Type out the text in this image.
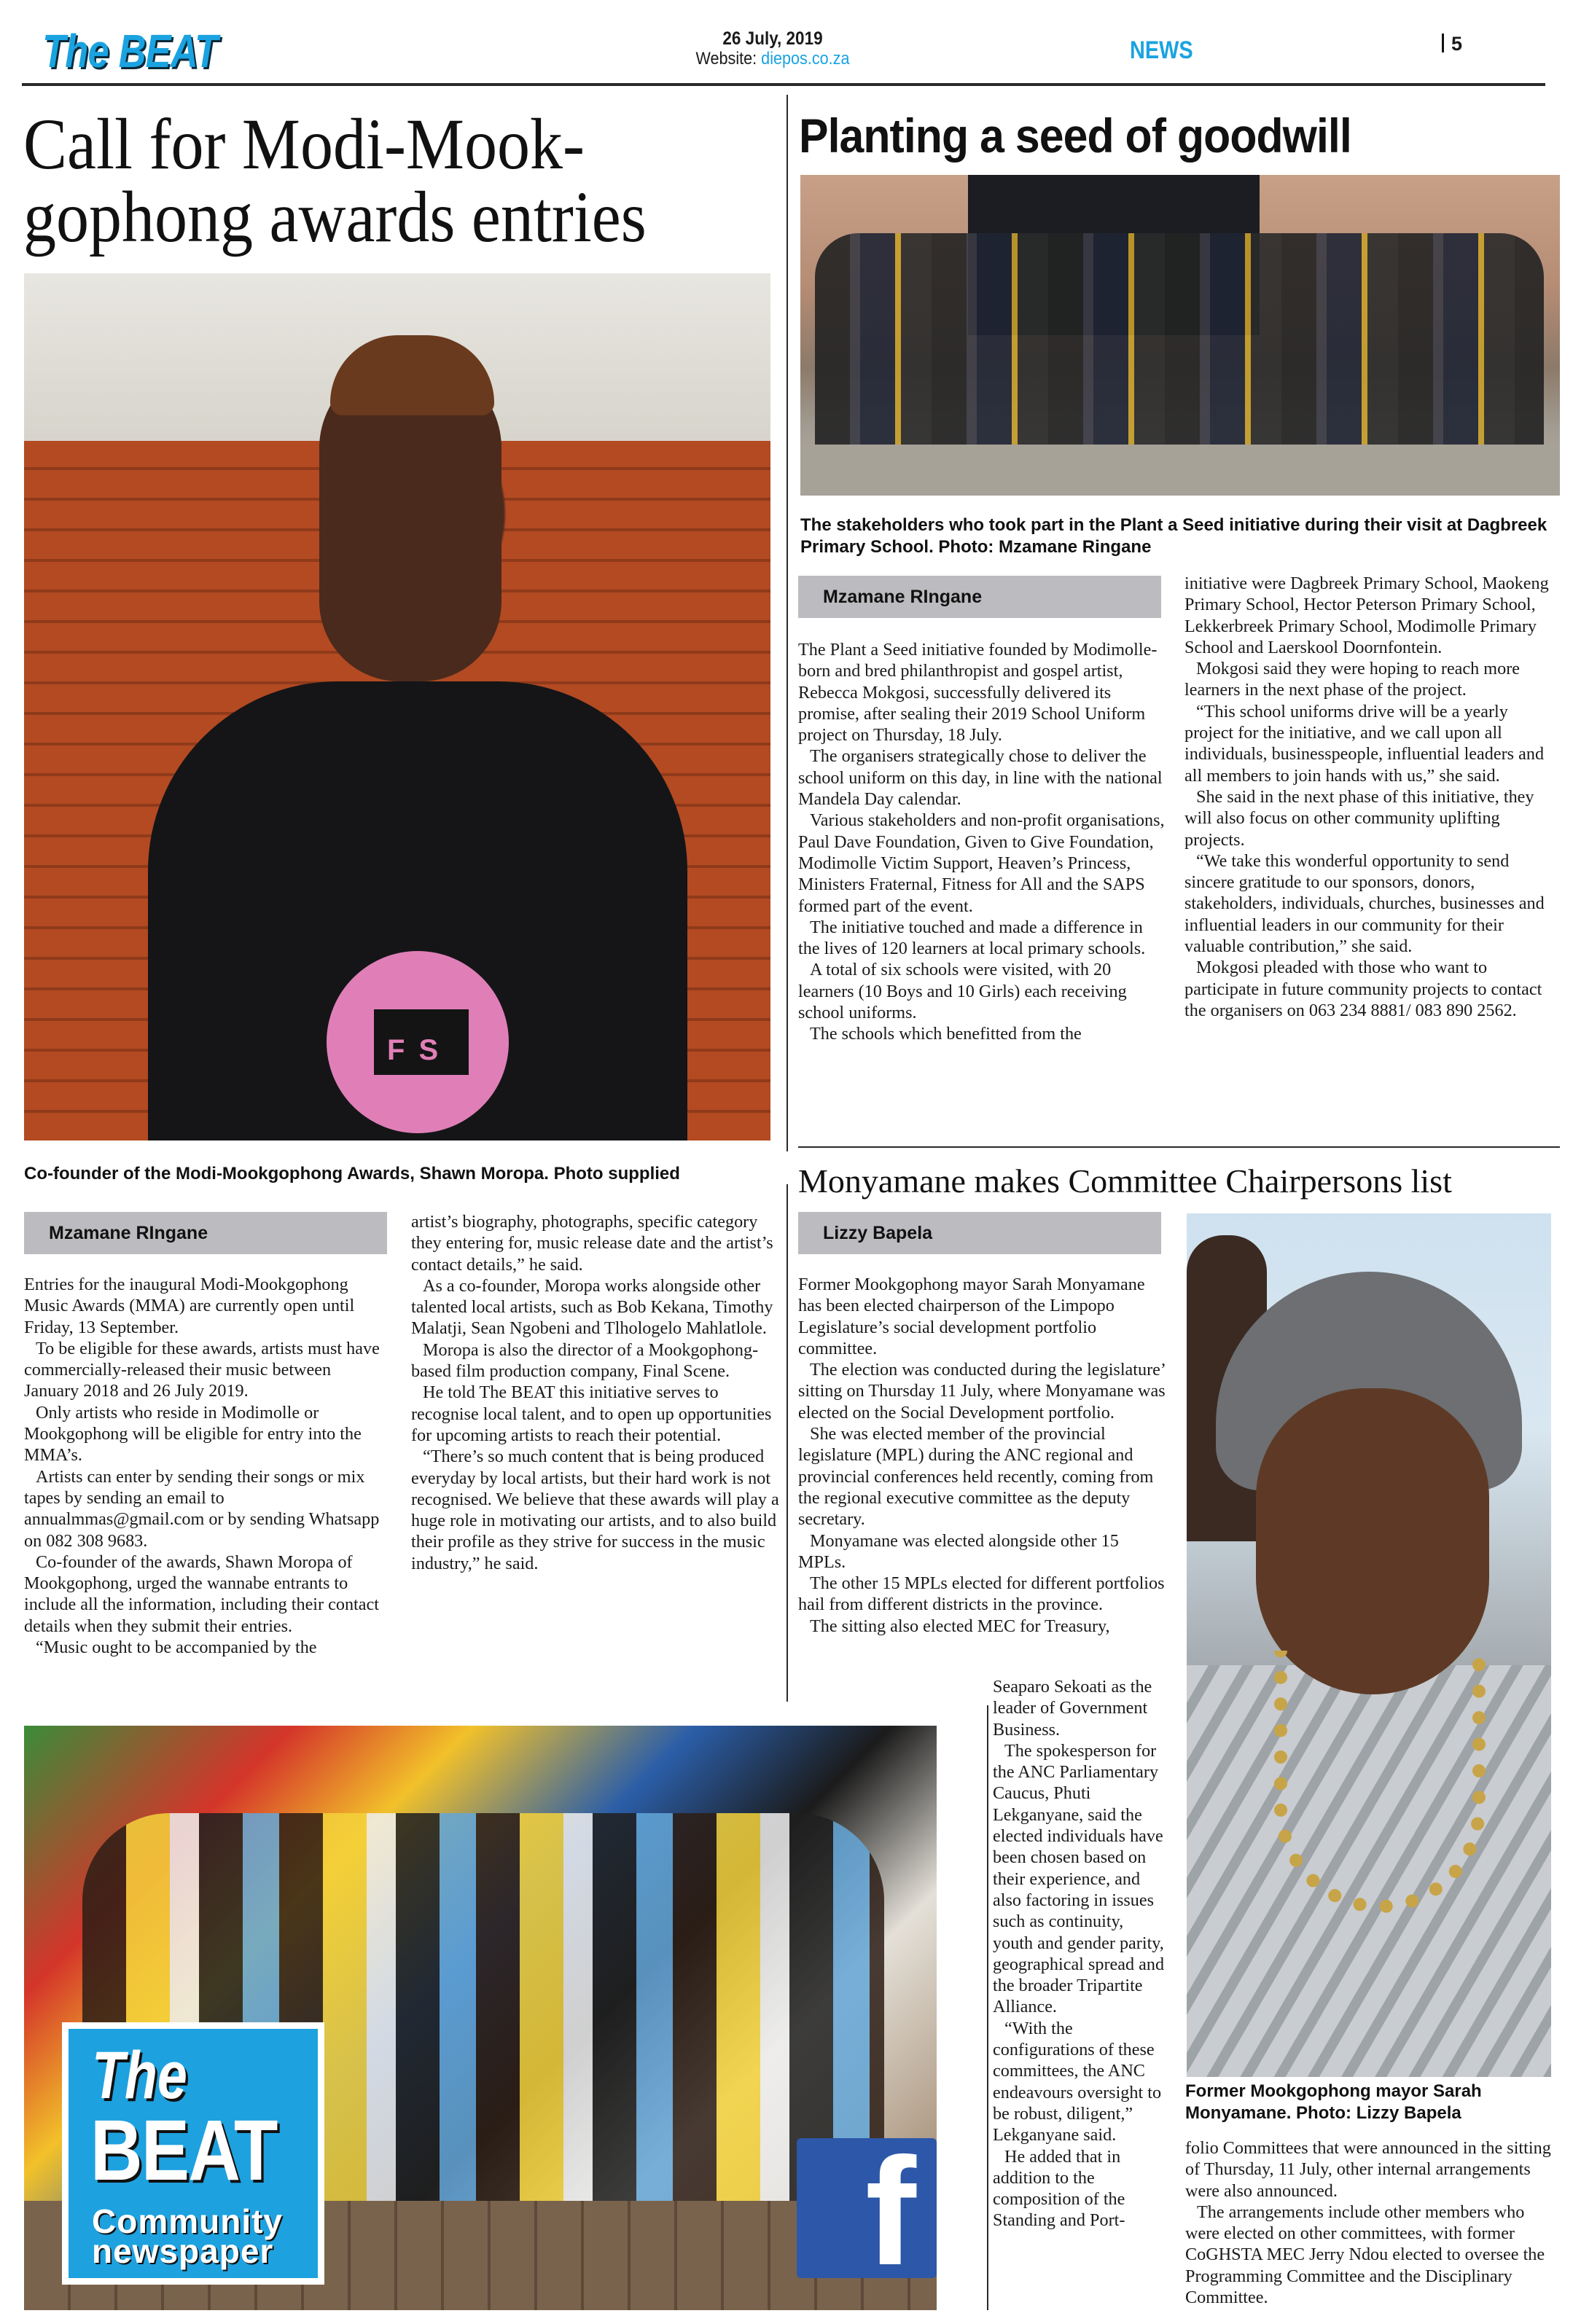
The BEAT	26 July, 2019
Website: diepos.co.za	NEWS	5
Call for Modi-Mook-gophong awards entries
F S
Co-founder of the Modi-Mookgophong Awards, Shawn Moropa. Photo supplied
Mzamane RIngane

Entries for the inaugural Modi-Mookgophong Music Awards (MMA) are currently open until Friday, 13 September.

To be eligible for these awards, artists must have commercially-released their music between January 2018 and 26 July 2019.

Only artists who reside in Modimolle or Mookgophong will be eligible for entry into the MMA’s.

Artists can enter by sending their songs or mix tapes by sending an email to annualmmas@gmail.com or by sending Whatsapp on 082 308 9683.

Co-founder of the awards, Shawn Moropa of Mookgophong, urged the wannabe entrants to include all the information, including their contact details when they submit their entries.

“Music ought to be accompanied by the

artist’s biography, photographs, specific category they entering for, music release date and the artist’s contact details,” he said.

As a co-founder, Moropa works alongside other talented local artists, such as Bob Kekana, Timothy Malatji, Sean Ngobeni and Tlhologelo Mahlatlole.

Moropa is also the director of a Mookgophong-based film production company, Final Scene.

He told The BEAT this initiative serves to recognise local talent, and to open up opportunities for upcoming artists to reach their potential.

“There’s so much content that is being produced everyday by local artists, but their hard work is not recognised. We believe that these awards will play a huge role in motivating our artists, and to also build their profile as they strive for success in the music industry,” he said.

Planting a seed of goodwill
The stakeholders who took part in the Plant a Seed initiative during their visit at Dagbreek Primary School. Photo: Mzamane Ringane
Mzamane RIngane

The Plant a Seed initiative founded by Modimolle-born and bred philanthropist and gospel artist, Rebecca Mokgosi, successfully delivered its promise, after sealing their 2019 School Uniform project on Thursday, 18 July.

The organisers strategically chose to deliver the school uniform on this day, in line with the national Mandela Day calendar.

Various stakeholders and non-profit organisations, Paul Dave Foundation, Given to Give Foundation, Modimolle Victim Support, Heaven’s Princess, Ministers Fraternal, Fitness for All and the SAPS formed part of the event.

The initiative touched and made a difference in the lives of 120 learners at local primary schools.

A total of six schools were visited, with 20 learners (10 Boys and 10 Girls) each receiving school uniforms.

The schools which benefitted from the

initiative were Dagbreek Primary School, Maokeng Primary School, Hector Peterson Primary School, Lekkerbreek Primary School, Modimolle Primary School and Laerskool Doornfontein.

Mokgosi said they were hoping to reach more learners in the next phase of the project.

“This school uniforms drive will be a yearly project for the initiative, and we call upon all individuals, businesspeople, influential leaders and all members to join hands with us,” she said.

She said in the next phase of this initiative, they will also focus on other community uplifting projects.

“We take this wonderful opportunity to send sincere gratitude to our sponsors, donors, stakeholders, individuals, churches, businesses and influential leaders in our community for their valuable contribution,” she said.

Mokgosi pleaded with those who want to participate in future community projects to contact the organisers on 063 234 8881/ 083 890 2562.

Monyamane makes Committee Chairpersons list
Lizzy Bapela

Former Mookgophong mayor Sarah Monyamane has been elected chairperson of the Limpopo Legislature’s social development portfolio committee.

The election was conducted during the legislature’ sitting on Thursday 11 July, where Monyamane was elected on the Social Development portfolio.

She was elected member of the provincial legislature (MPL) during the ANC regional and provincial conferences held recently, coming from the regional executive committee as the deputy secretary.

Monyamane was elected alongside other 15 MPLs.

The other 15 MPLs elected for different portfolios hail from different districts in the province.

The sitting also elected MEC for Treasury,

Seaparo Sekoati as the leader of Government Business.

The spokesperson for the ANC Parliamentary Caucus, Phuti Lekganyane, said the elected individuals have been chosen based on their experience, and also factoring in issues such as continuity, youth and gender parity, geographical spread and the broader Tripartite Alliance.

“With the configurations of these committees, the ANC endeavours oversight to be robust, diligent,” Lekganyane said.

He added that in addition to the composition of the Standing and Port-

Former Mookgophong mayor Sarah Monyamane. Photo: Lizzy Bapela

folio Committees that were announced in the sitting of Thursday, 11 July, other internal arrangements were also announced.

The arrangements include other members who were elected on other committees, with former CoGHSTA MEC Jerry Ndou elected to oversee the Programming Committee and the Disciplinary Committee.

The
BEAT
Community
newspaper	f
